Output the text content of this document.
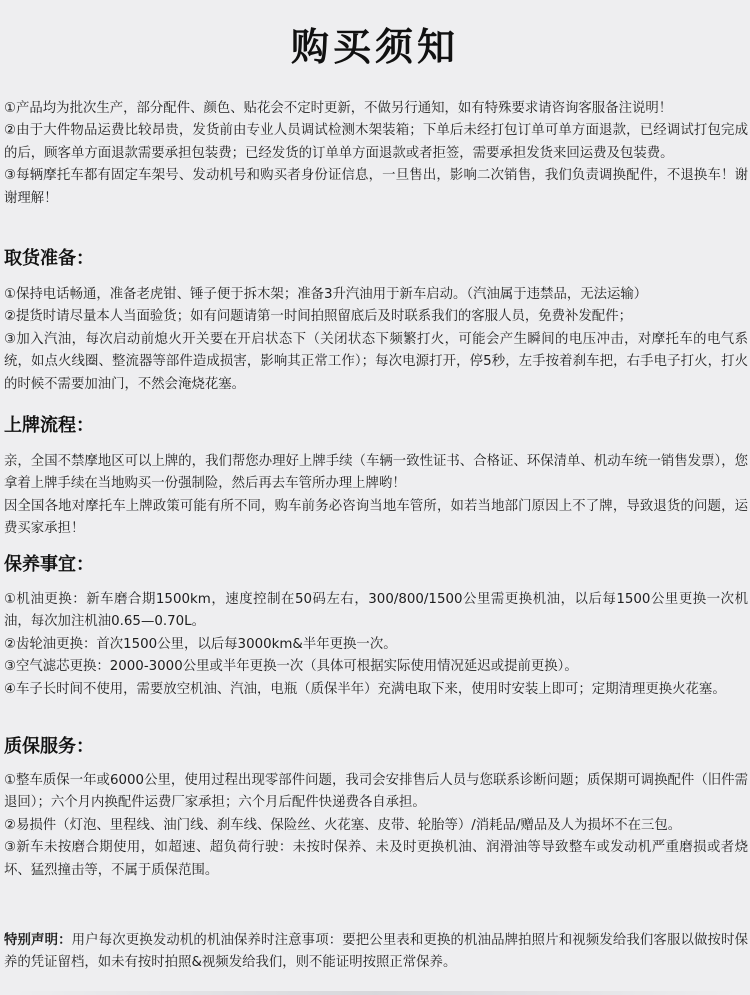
购买须知

①产品均为批次生产，部分配件、颜色、贴花会不定时更新，不做另行通知，如有特殊要求请咨询客服备注说明！

②由于大件物品运费比较昂贵，发货前由专业人员调试检测木架装箱；下单后未经打包订单可单方面退款，已经调试打包完成的后，顾客单方面退款需要承担包装费；已经发货的订单单方面退款或者拒签，需要承担发货来回运费及包装费。

③每辆摩托车都有固定车架号、发动机号和购买者身份证信息，一旦售出，影响二次销售，我们负责调换配件，不退换车！谢谢理解！

取货准备：

①保持电话畅通，准备老虎钳、锤子便于拆木架；准备3升汽油用于新车启动。（汽油属于违禁品，无法运输）

②提货时请尽量本人当面验货；如有问题请第一时间拍照留底后及时联系我们的客服人员，免费补发配件；

③加入汽油，每次启动前熄火开关要在开启状态下（关闭状态下频繁打火，可能会产生瞬间的电压冲击，对摩托车的电气系统，如点火线圈、整流器等部件造成损害，影响其正常工作）；每次电源打开，停5秒，左手按着刹车把，右手电子打火，打火的时候不需要加油门，不然会淹烧花塞。

上牌流程：

亲，全国不禁摩地区可以上牌的，我们帮您办理好上牌手续（车辆一致性证书、合格证、环保清单、机动车统一销售发票），您拿着上牌手续在当地购买一份强制险，然后再去车管所办理上牌哟！

因全国各地对摩托车上牌政策可能有所不同，购车前务必咨询当地车管所，如若当地部门原因上不了牌，导致退货的问题，运费买家承担！

保养事宜：

①机油更换：新车磨合期1500km，速度控制在50码左右，300/800/1500公里需更换机油，以后每1500公里更换一次机油，每次加注机油0.65—0.70L。

②齿轮油更换：首次1500公里，以后每3000km&半年更换一次。

③空气滤芯更换：2000-3000公里或半年更换一次（具体可根据实际使用情况延迟或提前更换）。

④车子长时间不使用，需要放空机油、汽油，电瓶（质保半年）充满电取下来，使用时安装上即可；定期清理更换火花塞。

质保服务：

①整车质保一年或6000公里，使用过程出现零部件问题，我司会安排售后人员与您联系诊断问题；质保期可调换配件（旧件需退回）；六个月内换配件运费厂家承担；六个月后配件快递费各自承担。

②易损件（灯泡、里程线、油门线、刹车线、保险丝、火花塞、皮带、轮胎等）/消耗品/赠品及人为损坏不在三包。

③新车未按磨合期使用，如超速、超负荷行驶：未按时保养、未及时更换机油、润滑油等导致整车或发动机严重磨损或者烧坏、猛烈撞击等，不属于质保范围。

特别声明：用户每次更换发动机的机油保养时注意事项：要把公里表和更换的机油品牌拍照片和视频发给我们客服以做按时保养的凭证留档，如未有按时拍照&视频发给我们，则不能证明按照正常保养。
